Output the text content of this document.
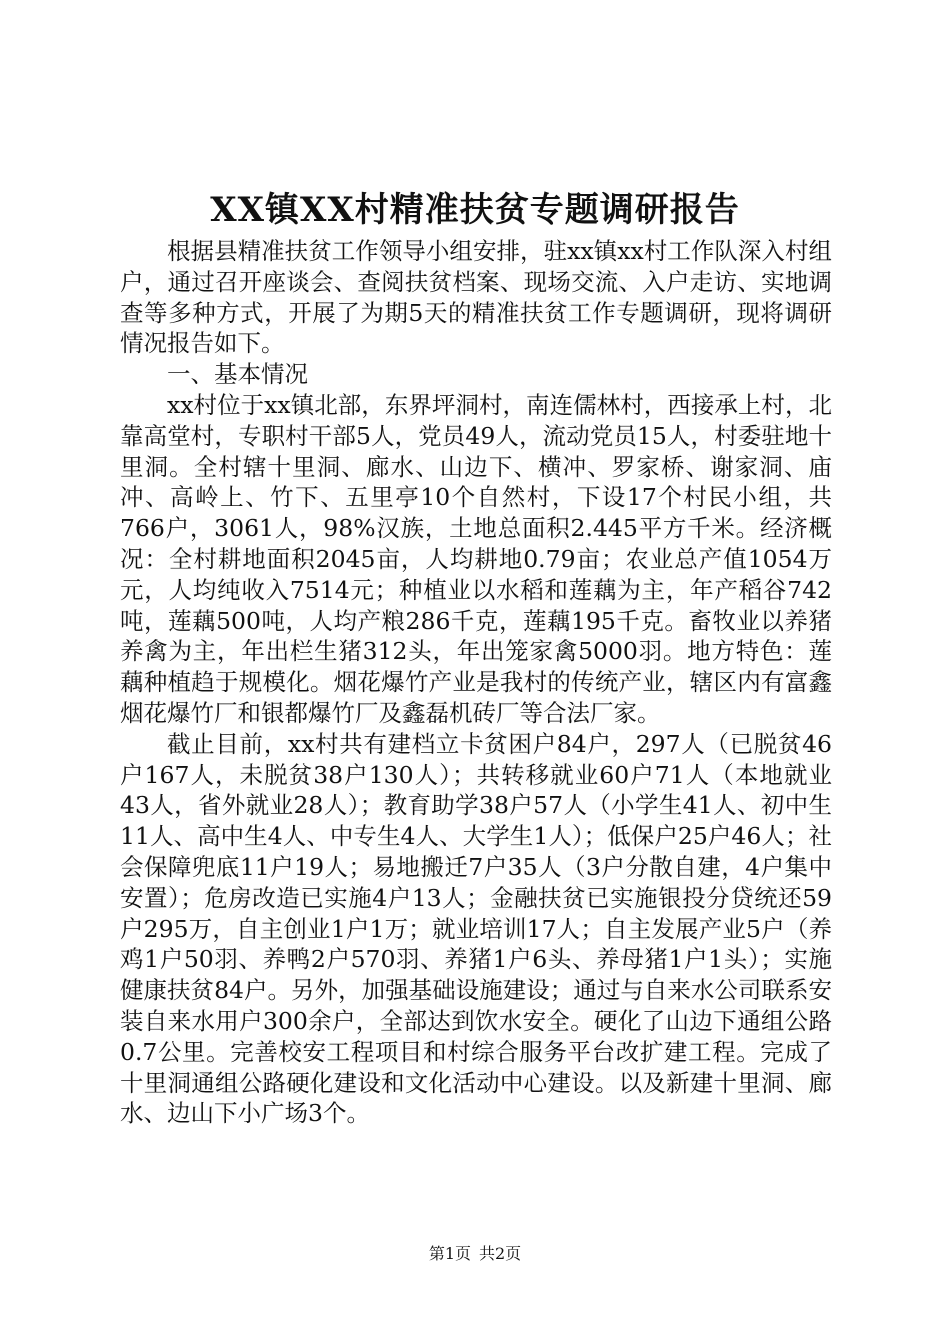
XX镇XX村精准扶贫专题调研报告

根据县精准扶贫工作领导小组安排，驻xx镇xx村工作队深入村组户，通过召开座谈会、查阅扶贫档案、现场交流、入户走访、实地调查等多种方式，开展了为期5天的精准扶贫工作专题调研，现将调研情况报告如下。

一、基本情况

xx村位于xx镇北部，东界坪洞村，南连儒林村，西接承上村，北靠高堂村，专职村干部5人，党员49人，流动党员15人，村委驻地十里洞。全村辖十里洞、廊水、山边下、横冲、罗家桥、谢家洞、庙冲、高岭上、竹下、五里亭10个自然村，下设17个村民小组，共766户，3061人，98%汉族，土地总面积2.445平方千米。经济概况：全村耕地面积2045亩，人均耕地0.79亩；农业总产值1054万元，人均纯收入7514元；种植业以水稻和莲藕为主，年产稻谷742吨，莲藕500吨，人均产粮286千克，莲藕195千克。畜牧业以养猪养禽为主，年出栏生猪312头，年出笼家禽5000羽。地方特色：莲藕种植趋于规模化。烟花爆竹产业是我村的传统产业，辖区内有富鑫烟花爆竹厂和银都爆竹厂及鑫磊机砖厂等合法厂家。

截止目前，xx村共有建档立卡贫困户84户，297人（已脱贫46户167人，未脱贫38户130人）；共转移就业60户71人（本地就业43人，省外就业28人）；教育助学38户57人（小学生41人、初中生11人、高中生4人、中专生4人、大学生1人）；低保户25户46人；社会保障兜底11户19人；易地搬迁7户35人（3户分散自建，4户集中安置）；危房改造已实施4户13人；金融扶贫已实施银投分贷统还59户295万，自主创业1户1万；就业培训17人；自主发展产业5户（养鸡1户50羽、养鸭2户570羽、养猪1户6头、养母猪1户1头）；实施健康扶贫84户。另外，加强基础设施建设；通过与自来水公司联系安装自来水用户300余户，全部达到饮水安全。硬化了山边下通组公路0.7公里。完善校安工程项目和村综合服务平台改扩建工程。完成了十里洞通组公路硬化建设和文化活动中心建设。以及新建十里洞、廊水、边山下小广场3个。

第1页 共2页
